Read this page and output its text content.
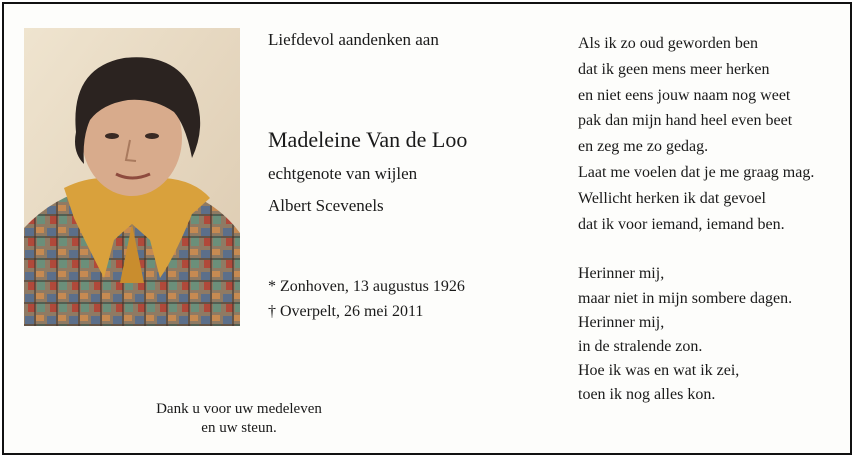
Liefdevol aandenken aan
Madeleine Van de Loo
echtgenote van wijlen
Albert Scevenels
* Zonhoven, 13 augustus 1926
† Overpelt, 26 mei 2011
Dank u voor uw medeleven
en uw steun.
Als ik zo oud geworden ben
dat ik geen mens meer herken
en niet eens jouw naam nog weet
pak dan mijn hand heel even beet
en zeg me zo gedag.
Laat me voelen dat je me graag mag.
Wellicht herken ik dat gevoel
dat ik voor iemand, iemand ben.
Herinner mij,
maar niet in mijn sombere dagen.
Herinner mij,
in de stralende zon.
Hoe ik was en wat ik zei,
toen ik nog alles kon.
